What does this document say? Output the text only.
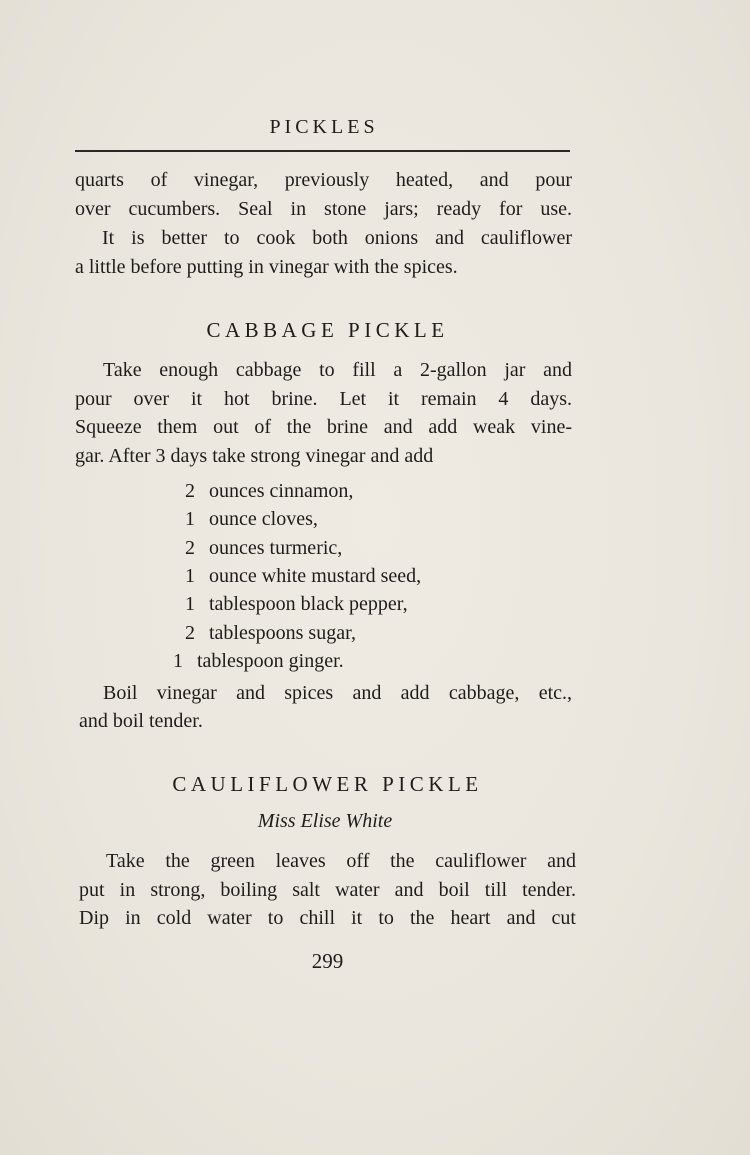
PICKLES
quarts of vinegar, previously heated, and pour
over cucumbers. Seal in stone jars; ready for use.
It is better to cook both onions and cauliflower
a little before putting in vinegar with the spices.
CABBAGE PICKLE
Take enough cabbage to fill a 2-gallon jar and
pour over it hot brine. Let it remain 4 days.
Squeeze them out of the brine and add weak vine-
gar. After 3 days take strong vinegar and add
2 ounces cinnamon,
1 ounce cloves,
2 ounces turmeric,
1 ounce white mustard seed,
1 tablespoon black pepper,
2 tablespoons sugar,
1 tablespoon ginger.
Boil vinegar and spices and add cabbage, etc.,
and boil tender.
CAULIFLOWER PICKLE
Miss Elise White
Take the green leaves off the cauliflower and
put in strong, boiling salt water and boil till tender.
Dip in cold water to chill it to the heart and cut
299
